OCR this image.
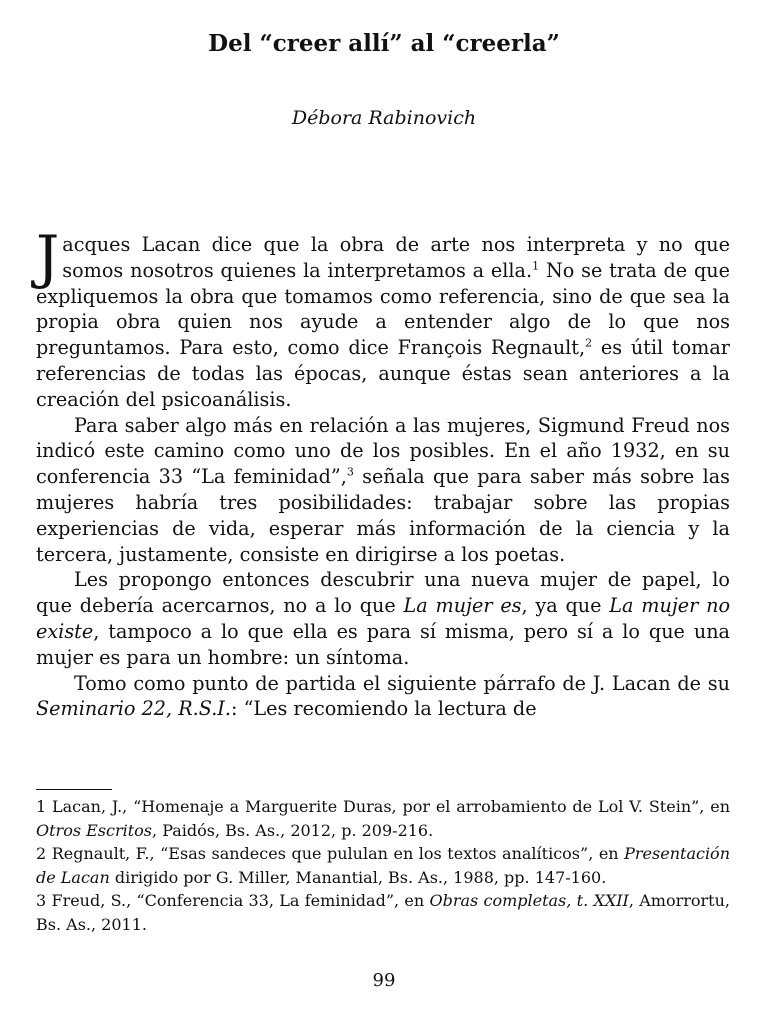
Del “creer allí” al “creerla”

Débora Rabinovich

Jacques Lacan dice que la obra de arte nos interpreta y no que somos nosotros quienes la interpretamos a ella.$^1$ No se trata de que expliquemos la obra que tomamos como referencia, sino de que sea la propia obra quien nos ayude a entender algo de lo que nos preguntamos. Para esto, como dice François Regnault,$^2$ es útil tomar referencias de todas las épocas, aunque éstas sean anteriores a la creación del psicoanálisis.

Para saber algo más en relación a las mujeres, Sigmund Freud nos indicó este camino como uno de los posibles. En el año 1932, en su conferencia 33 “La feminidad”,$^3$ señala que para saber más sobre las mujeres habría tres posibilidades: trabajar sobre las propias experiencias de vida, esperar más información de la ciencia y la tercera, justamente, consiste en dirigirse a los poetas.

Les propongo entonces descubrir una nueva mujer de papel, lo que debería acercarnos, no a lo que La mujer es, ya que La mujer no existe, tampoco a lo que ella es para sí misma, pero sí a lo que una mujer es para un hombre: un síntoma.

Tomo como punto de partida el siguiente párrafo de J. Lacan de su Seminario 22, R.S.I.: “Les recomiendo la lectura de

1 Lacan, J., “Homenaje a Marguerite Duras, por el arrobamiento de Lol V. Stein”, en Otros Escritos, Paidós, Bs. As., 2012, p. 209-216.

2 Regnault, F., “Esas sandeces que pululan en los textos analíticos”, en Presentación de Lacan dirigido por G. Miller, Manantial, Bs. As., 1988, pp. 147-160.

3 Freud, S., “Conferencia 33, La feminidad”, en Obras completas, t. XXII, Amorrortu, Bs. As., 2011.

99
